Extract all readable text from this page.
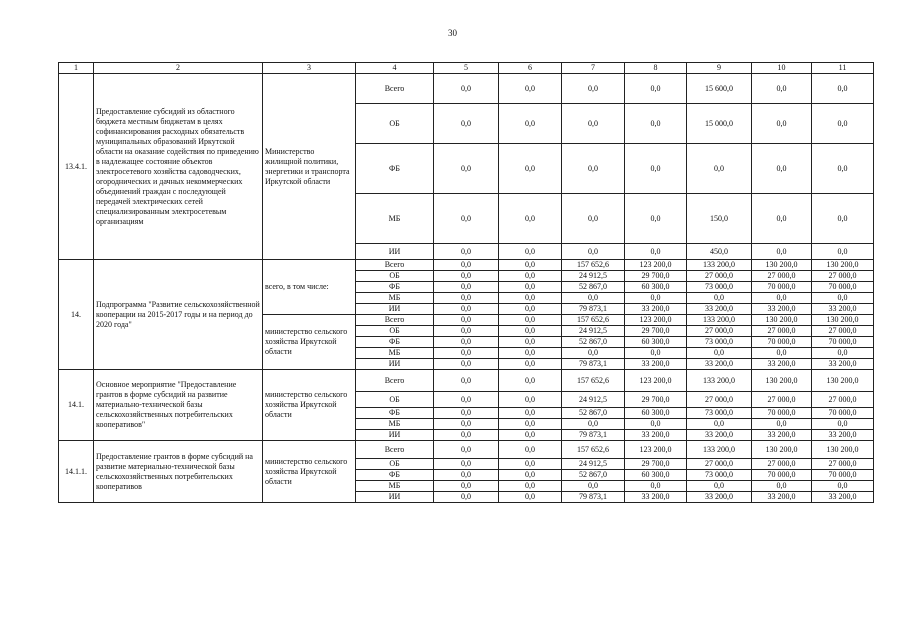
30
1	2	3	4	5	6	7	8	9	10	11
13.4.1.	Предоставление субсидий из областного бюджета местным бюджетам в целях софинансирования расходных обязательств муниципальных образований Иркутской области на оказание содействия по приведению в надлежащее состояние объектов электросетевого хозяйства садоводческих, огороднических и дачных некоммерческих объединений граждан с последующей передачей электрических сетей специализированным электросетевым организациям	Министерство жилищной политики, энергетики и транспорта Иркутской области	Всего	0,0	0,0	0,0	0,0	15 600,0	0,0	0,0
			ОБ	0,0	0,0	0,0	0,0	15 000,0	0,0	0,0
			ФБ	0,0	0,0	0,0	0,0	0,0	0,0	0,0
			МБ	0,0	0,0	0,0	0,0	150,0	0,0	0,0
			ИИ	0,0	0,0	0,0	0,0	450,0	0,0	0,0
14.	Подпрограмма "Развитие сельскохозяйственной кооперации на 2015-2017 годы и на период до 2020 года"	всего, в том числе:	Всего	0,0	0,0	157 652,6	123 200,0	133 200,0	130 200,0	130 200,0
			ОБ	0,0	0,0	24 912,5	29 700,0	27 000,0	27 000,0	27 000,0
			ФБ	0,0	0,0	52 867,0	60 300,0	73 000,0	70 000,0	70 000,0
			МБ	0,0	0,0	0,0	0,0	0,0	0,0	0,0
			ИИ	0,0	0,0	79 873,1	33 200,0	33 200,0	33 200,0	33 200,0
		министерство сельского хозяйства Иркутской области	Всего	0,0	0,0	157 652,6	123 200,0	133 200,0	130 200,0	130 200,0
			ОБ	0,0	0,0	24 912,5	29 700,0	27 000,0	27 000,0	27 000,0
			ФБ	0,0	0,0	52 867,0	60 300,0	73 000,0	70 000,0	70 000,0
			МБ	0,0	0,0	0,0	0,0	0,0	0,0	0,0
			ИИ	0,0	0,0	79 873,1	33 200,0	33 200,0	33 200,0	33 200,0
14.1.	Основное мероприятие "Предоставление грантов в форме субсидий на развитие материально-технической базы сельскохозяйственных потребительских кооперативов"	министерство сельского хозяйства Иркутской области	Всего	0,0	0,0	157 652,6	123 200,0	133 200,0	130 200,0	130 200,0
			ОБ	0,0	0,0	24 912,5	29 700,0	27 000,0	27 000,0	27 000,0
			ФБ	0,0	0,0	52 867,0	60 300,0	73 000,0	70 000,0	70 000,0
			МБ	0,0	0,0	0,0	0,0	0,0	0,0	0,0
			ИИ	0,0	0,0	79 873,1	33 200,0	33 200,0	33 200,0	33 200,0
14.1.1.	Предоставление грантов в форме субсидий на развитие материально-технической базы сельскохозяйственных потребительских кооперативов	министерство сельского хозяйства Иркутской области	Всего	0,0	0,0	157 652,6	123 200,0	133 200,0	130 200,0	130 200,0
			ОБ	0,0	0,0	24 912,5	29 700,0	27 000,0	27 000,0	27 000,0
			ФБ	0,0	0,0	52 867,0	60 300,0	73 000,0	70 000,0	70 000,0
			МБ	0,0	0,0	0,0	0,0	0,0	0,0	0,0
			ИИ	0,0	0,0	79 873,1	33 200,0	33 200,0	33 200,0	33 200,0
